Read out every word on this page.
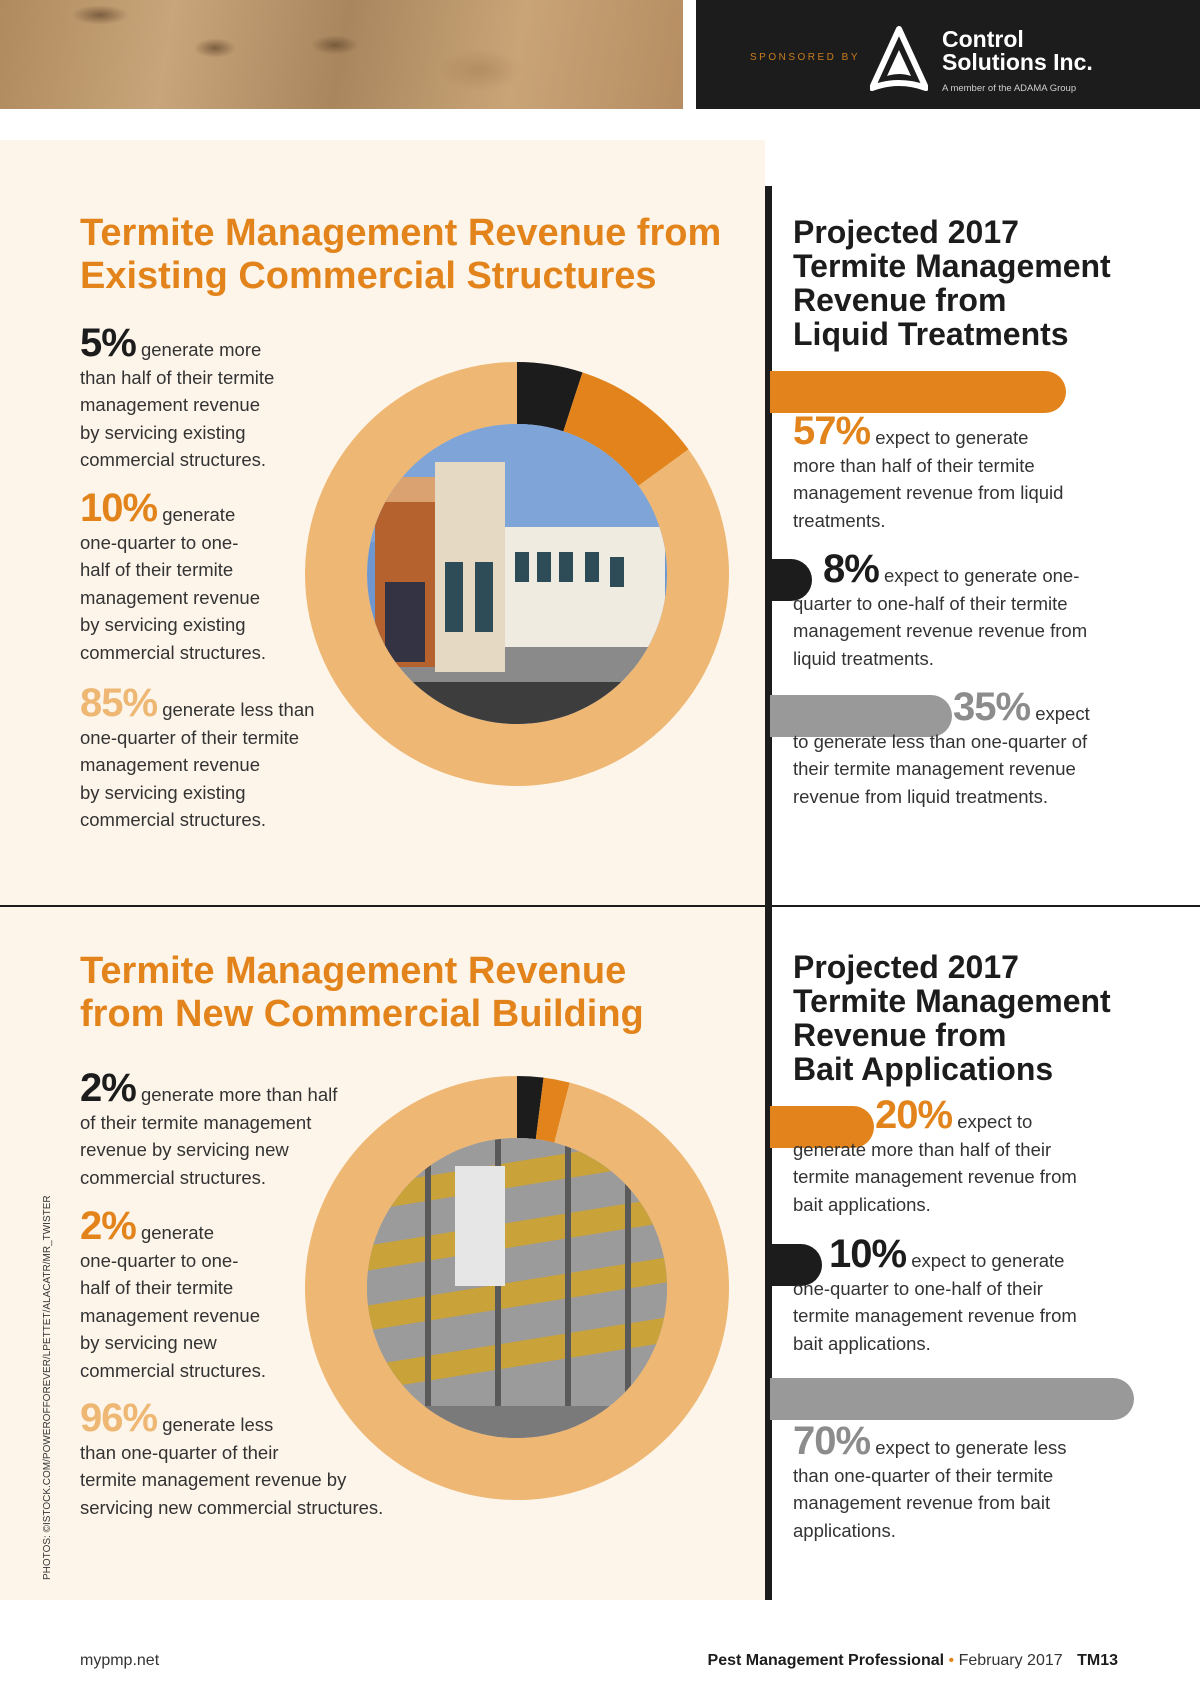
SPONSORED BY
Control
Solutions Inc.
A member of the ADAMA Group
Termite Management Revenue from
Existing Commercial Structures
5% generate more
than half of their termite
management revenue
by servicing existing
commercial structures.
10% generate
one-quarter to one-
half of their termite
management revenue
by servicing existing
commercial structures.
85% generate less than
one-quarter of their termite
management revenue
by servicing existing
commercial structures.
Termite Management Revenue
from New Commercial Building
2% generate more than half
of their termite management
revenue by servicing new
commercial structures.
2% generate
one-quarter to one-
half of their termite
management revenue
by servicing new
commercial structures.
96% generate less
than one-quarter of their
termite management revenue by
servicing new commercial structures.
Projected 2017
Termite Management
Revenue from
Liquid Treatments
57% expect to generate
more than half of their termite
management revenue from liquid
treatments.
8% expect to generate one-
quarter to one-half of their termite
management revenue revenue from
liquid treatments.
35% expect
to generate less than one-quarter of
their termite management revenue
revenue from liquid treatments.
Projected 2017
Termite Management
Revenue from
Bait Applications
20% expect to
generate more than half of their
termite management revenue from
bait applications.
10% expect to generate
one-quarter to one-half of their
termite management revenue from
bait applications.
70% expect to generate less
than one-quarter of their termite
management revenue from bait
applications.
PHOTOS: ©ISTOCK.COM/POWEROFFOREVER/LPETTET/ALACATR/MR_TWISTER
mypmp.net	Pest Management Professional • February 2017 TM13
